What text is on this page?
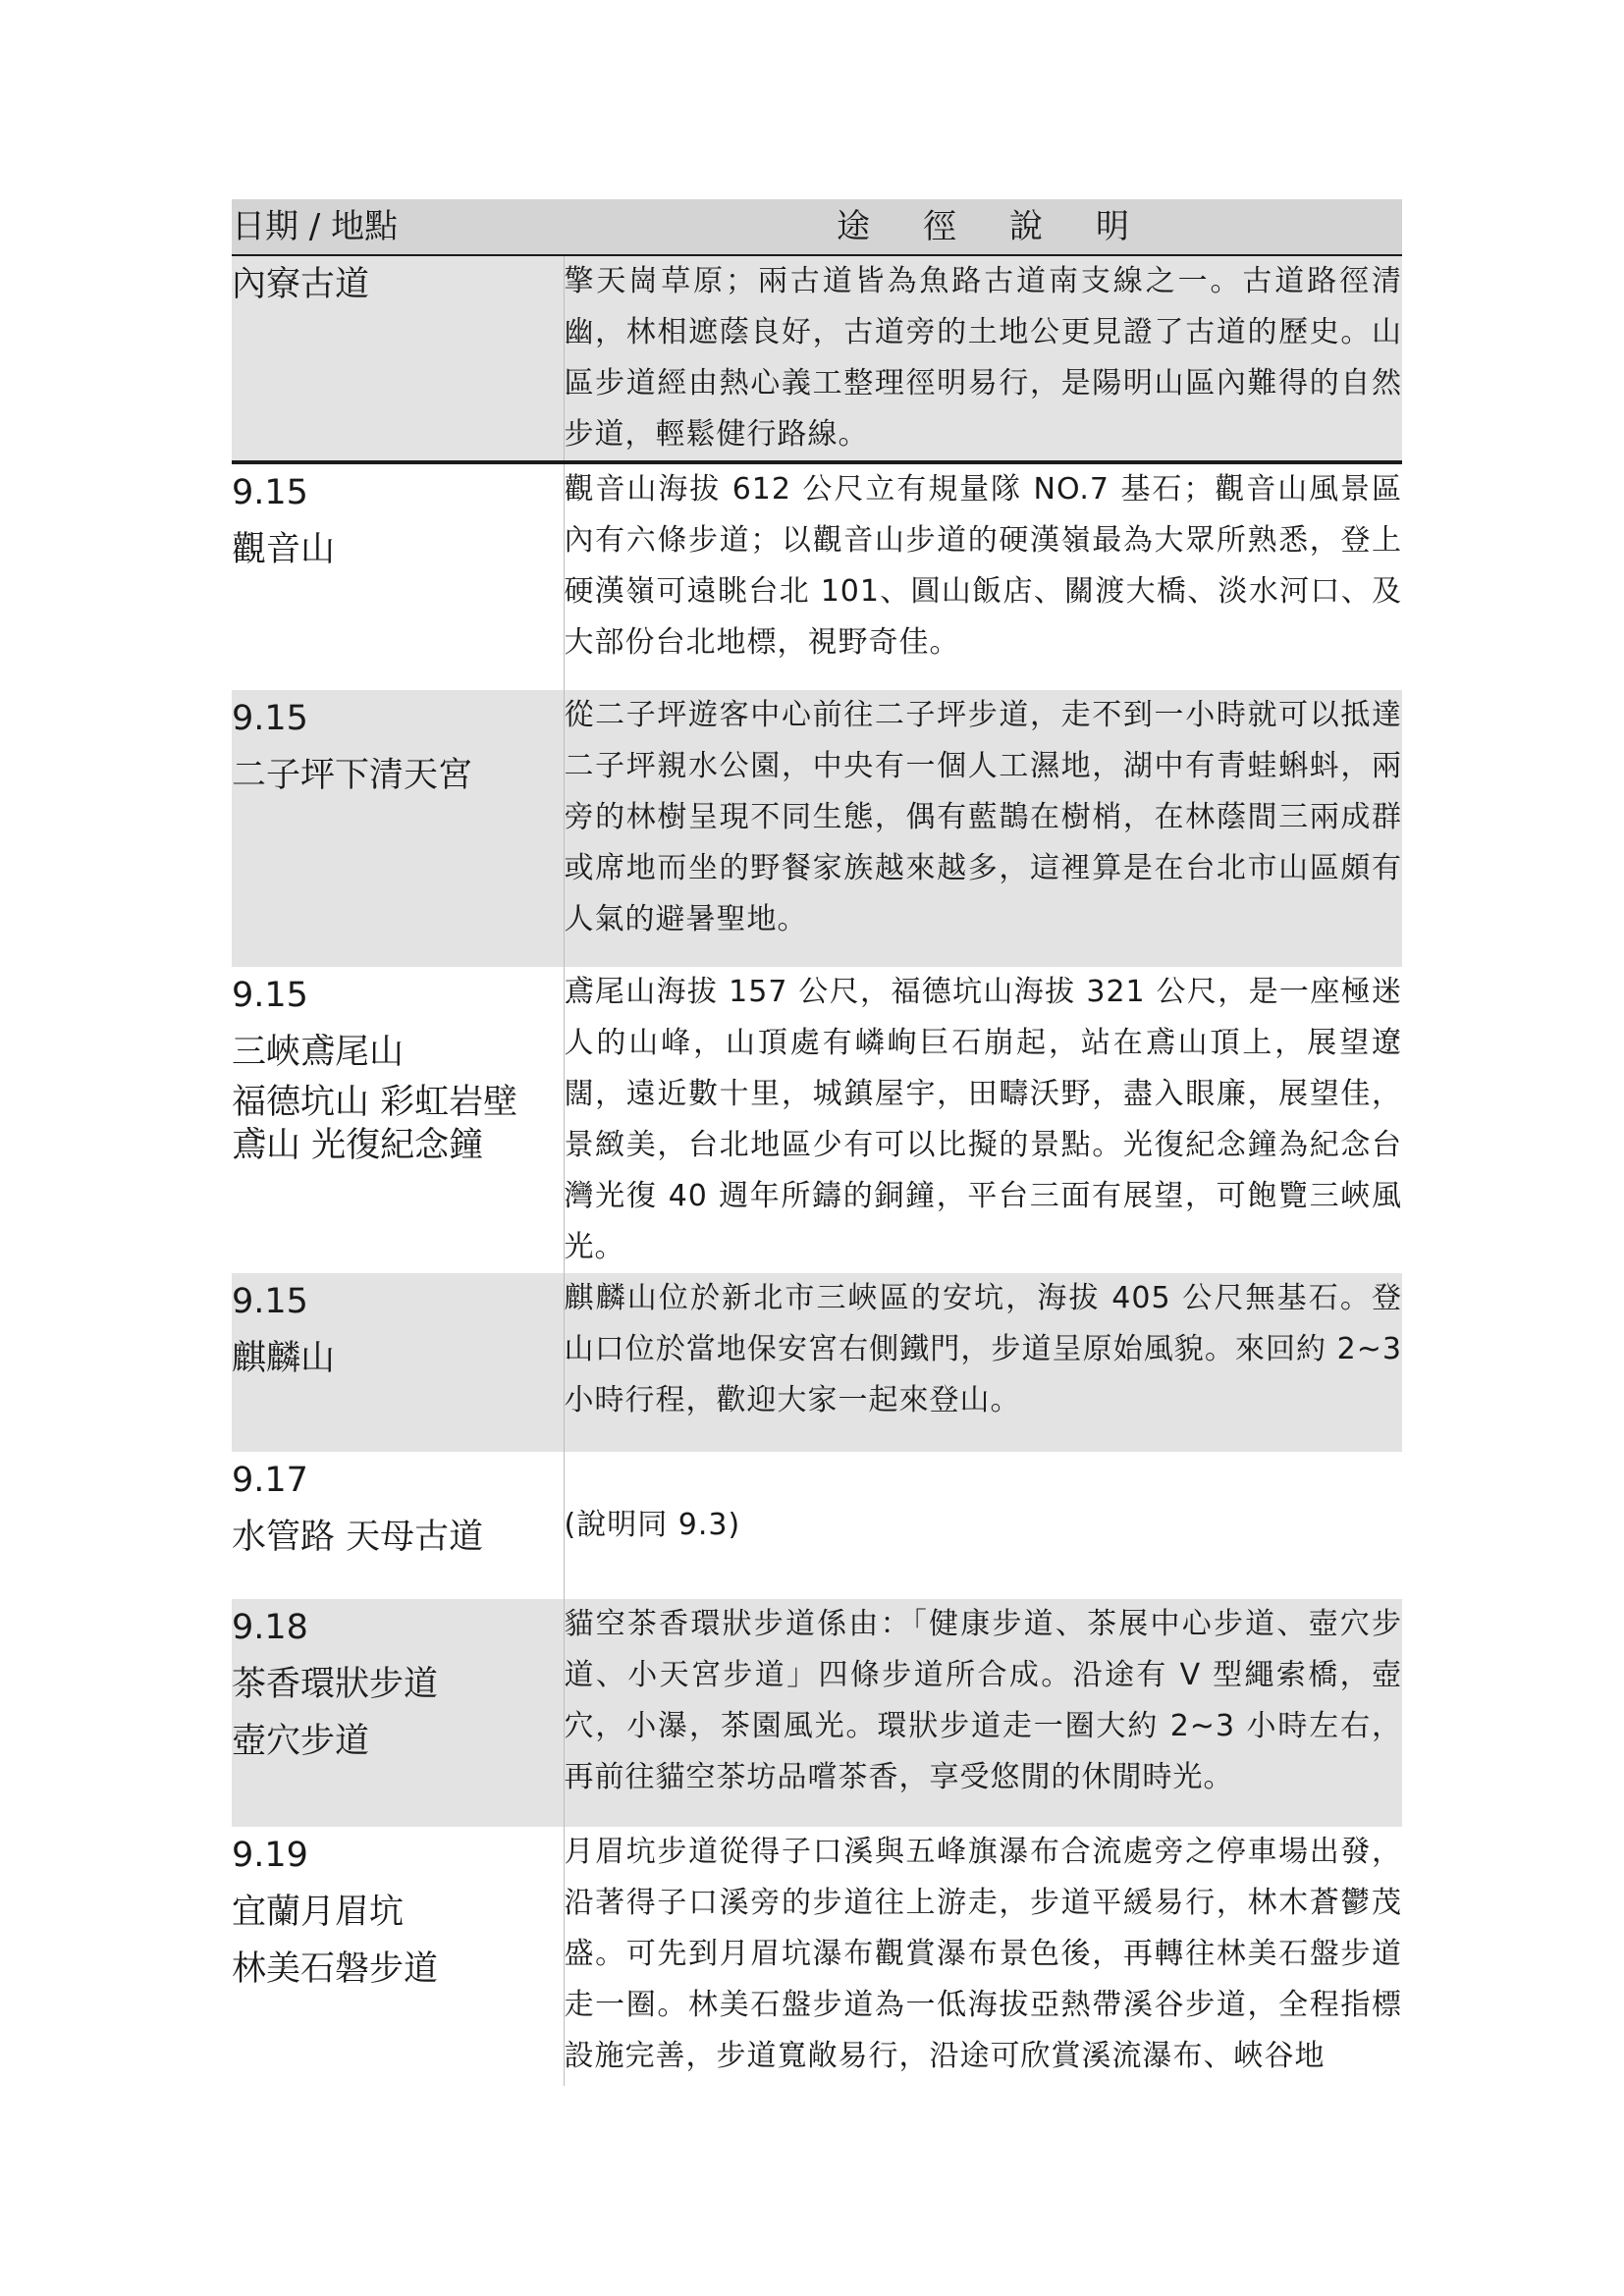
日期 / 地點	途徑說明

內寮古道	擎天崗草原；兩古道皆為魚路古道南支線之一。古道路徑清幽，林相遮蔭良好，古道旁的土地公更見證了古道的歷史。山區步道經由熱心義工整理徑明易行，是陽明山區內難得的自然步道，輕鬆健行路線。

9.15
觀音山	觀音山海拔 612 公尺立有規量隊 NO.7 基石；觀音山風景區內有六條步道；以觀音山步道的硬漢嶺最為大眾所熟悉，登上硬漢嶺可遠眺台北 101、圓山飯店、關渡大橋、淡水河口、及大部份台北地標，視野奇佳。

9.15
二子坪下清天宮	從二子坪遊客中心前往二子坪步道，走不到一小時就可以抵達二子坪親水公園，中央有一個人工濕地，湖中有青蛙蝌蚪，兩旁的林樹呈現不同生態，偶有藍鵲在樹梢，在林蔭間三兩成群或席地而坐的野餐家族越來越多，這裡算是在台北市山區頗有人氣的避暑聖地。

9.15
三峽鳶尾山
福德坑山 彩虹岩壁
鳶山 光復紀念鐘	鳶尾山海拔 157 公尺，福德坑山海拔 321 公尺，是一座極迷人的山峰，山頂處有嶙峋巨石崩起，站在鳶山頂上，展望遼闊，遠近數十里，城鎮屋宇，田疇沃野，盡入眼廉，展望佳，景緻美，台北地區少有可以比擬的景點。光復紀念鐘為紀念台灣光復 40 週年所鑄的銅鐘，平台三面有展望，可飽覽三峽風光。

9.15
麒麟山	麒麟山位於新北市三峽區的安坑，海拔 405 公尺無基石。登山口位於當地保安宮右側鐵門，步道呈原始風貌。來回約 2~3 小時行程，歡迎大家一起來登山。

9.17
水管路 天母古道	(說明同 9.3)

9.18
茶香環狀步道
壺穴步道	貓空茶香環狀步道係由：「健康步道、茶展中心步道、壺穴步道、小天宮步道」四條步道所合成。沿途有 V 型繩索橋，壺穴，小瀑，茶園風光。環狀步道走一圈大約 2~3 小時左右，再前往貓空茶坊品嚐茶香，享受悠閒的休閒時光。

9.19
宜蘭月眉坑
林美石磐步道	月眉坑步道從得子口溪與五峰旗瀑布合流處旁之停車場出發，沿著得子口溪旁的步道往上游走，步道平緩易行，林木蒼鬱茂盛。可先到月眉坑瀑布觀賞瀑布景色後，再轉往林美石盤步道走一圈。林美石盤步道為一低海拔亞熱帶溪谷步道，全程指標設施完善，步道寬敞易行，沿途可欣賞溪流瀑布、峽谷地
